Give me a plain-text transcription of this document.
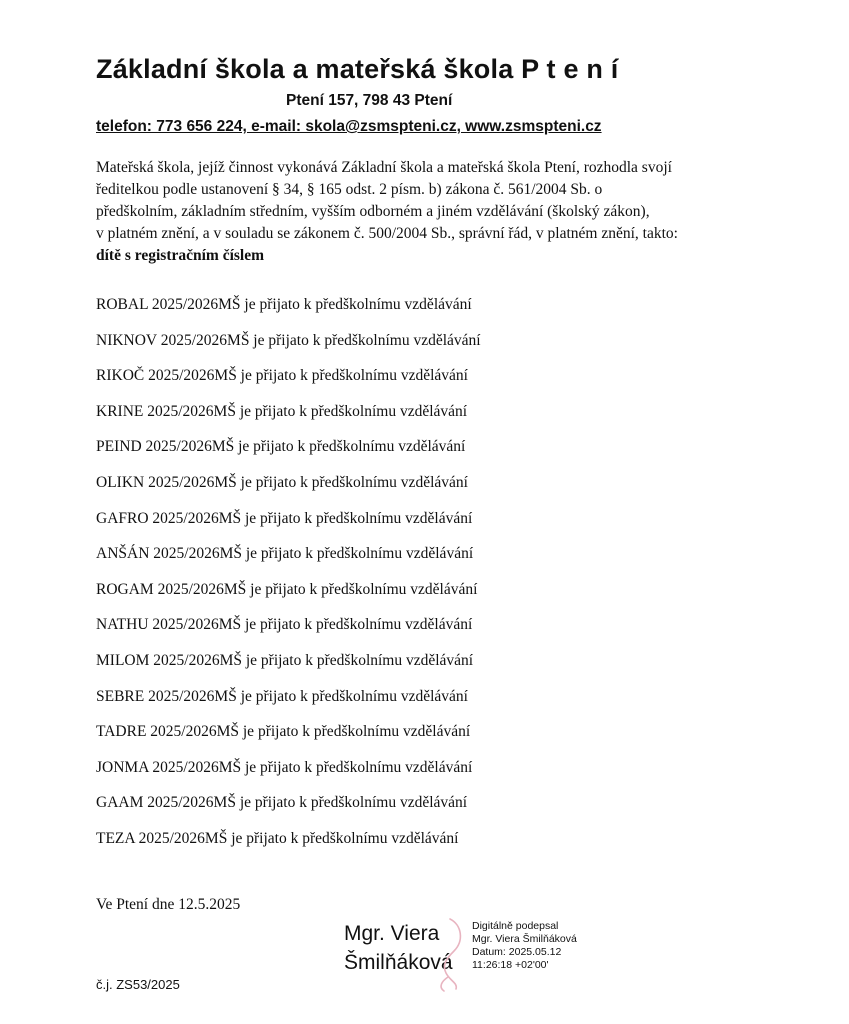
Základní škola a mateřská škola P t e n í
Ptení 157, 798 43 Ptení
telefon: 773 656 224, e-mail: skola@zsmspteni.cz, www.zsmspteni.cz

Mateřská škola, jejíž činnost vykonává Základní škola a mateřská škola Ptení, rozhodla svojí

ředitelkou podle ustanovení § 34, § 165 odst. 2 písm. b) zákona č. 561/2004 Sb. o

předškolním, základním středním, vyšším odborném a jiném vzdělávání (školský zákon),

v platném znění, a v souladu se zákonem č. 500/2004 Sb., správní řád, v platném znění, takto:

dítě s registračním číslem

ROBAL 2025/2026MŠ je přijato k předškolnímu vzdělávání
NIKNOV 2025/2026MŠ je přijato k předškolnímu vzdělávání
RIKOČ 2025/2026MŠ je přijato k předškolnímu vzdělávání
KRINE 2025/2026MŠ je přijato k předškolnímu vzdělávání
PEIND 2025/2026MŠ je přijato k předškolnímu vzdělávání
OLIKN 2025/2026MŠ je přijato k předškolnímu vzdělávání
GAFRO 2025/2026MŠ je přijato k předškolnímu vzdělávání
ANŠÁN 2025/2026MŠ je přijato k předškolnímu vzdělávání
ROGAM 2025/2026MŠ je přijato k předškolnímu vzdělávání
NATHU 2025/2026MŠ je přijato k předškolnímu vzdělávání
MILOM 2025/2026MŠ je přijato k předškolnímu vzdělávání
SEBRE 2025/2026MŠ je přijato k předškolnímu vzdělávání
TADRE 2025/2026MŠ je přijato k předškolnímu vzdělávání
JONMA 2025/2026MŠ je přijato k předškolnímu vzdělávání
GAAM 2025/2026MŠ je přijato k předškolnímu vzdělávání
TEZA 2025/2026MŠ je přijato k předškolnímu vzdělávání
Ve Ptení dne 12.5.2025
Mgr. Viera
Šmilňáková
Digitálně podepsal
Mgr. Viera Šmilňáková
Datum: 2025.05.12
11:26:18 +02'00'
č.j. ZS53/2025
